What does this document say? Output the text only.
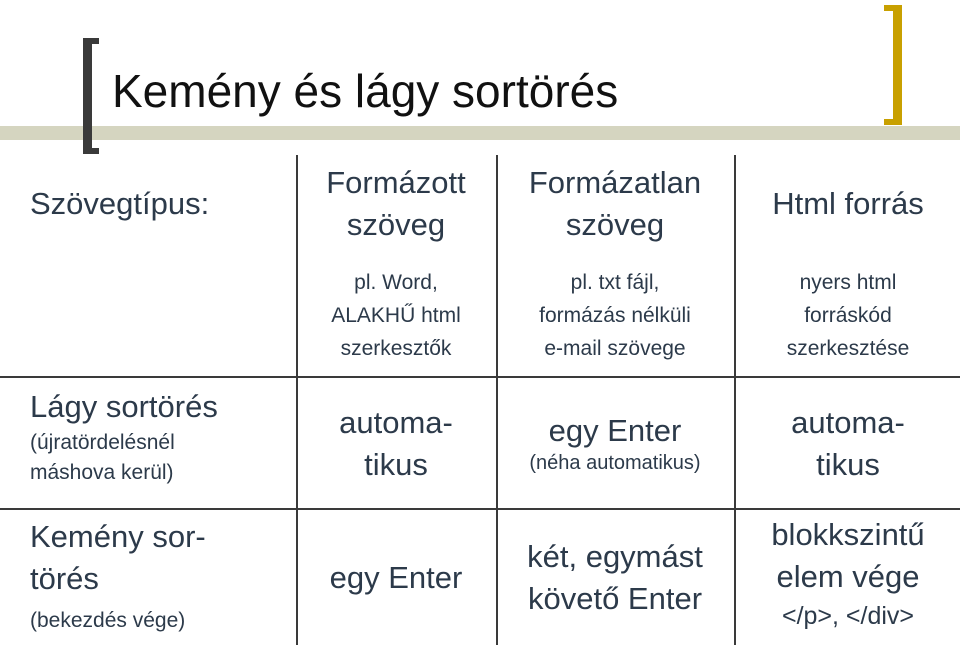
Kemény és lágy sortörés
Szövegtípus:
Formázott
szöveg
Formázatlan
szöveg
Html forrás
pl. Word,
ALAKHŰ html
szerkesztők
pl. txt fájl,
formázás nélküli
e-mail szövege
nyers html
forráskód
szerkesztése
Lágy sortörés
(újratördelésnél
máshova kerül)
automa-
tikus
egy Enter
(néha automatikus)
automa-
tikus
Kemény sor-
törés
(bekezdés vége)
egy Enter
két, egymást
követő Enter
blokkszintű
elem vége
</p>, </div>
